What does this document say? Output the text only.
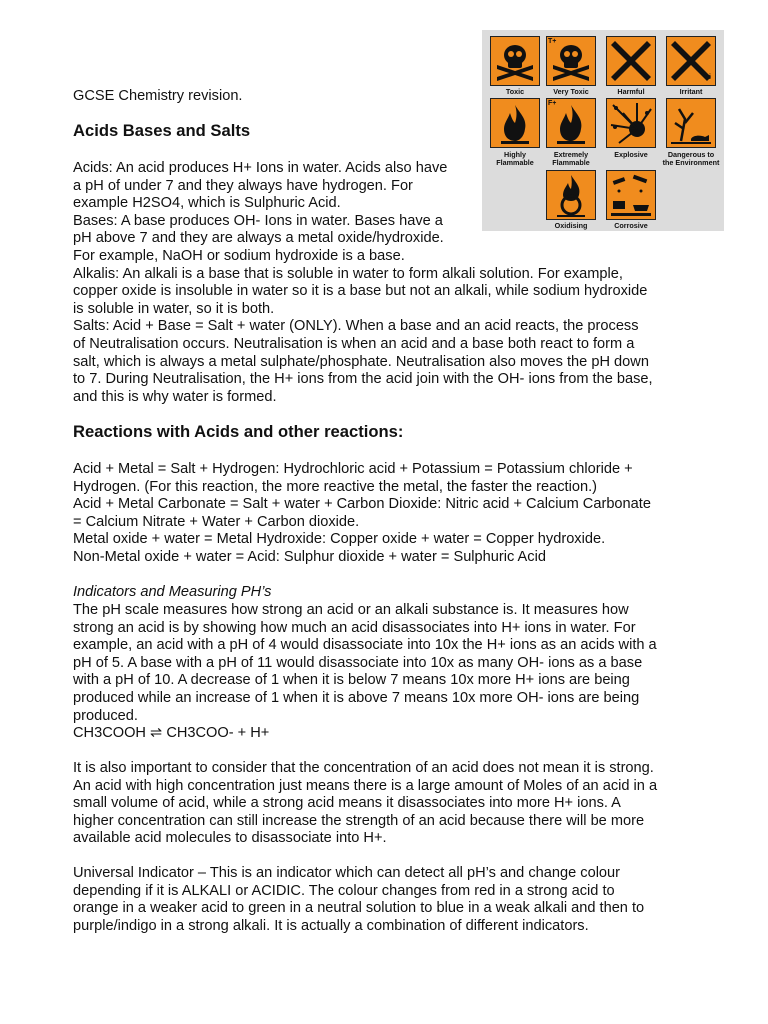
GCSE Chemistry revision.

Acids Bases and Salts

Acids: An acid produces H+ Ions in water. Acids also have

a pH of under 7 and they always have hydrogen. For

example H2SO4, which is Sulphuric Acid.

Bases: A base produces OH- Ions in water. Bases have a

pH above 7 and they are always a metal oxide/hydroxide.

For example, NaOH or sodium hydroxide is a base.

Alkalis: An alkali is a base that is soluble in water to form alkali solution. For example,

copper oxide is insoluble in water so it is a base but not an alkali, while sodium hydroxide

is soluble in water, so it is both.

Salts: Acid + Base = Salt + water (ONLY). When a base and an acid reacts, the process

of Neutralisation occurs. Neutralisation is when an acid and a base both react to form a

salt, which is always a metal sulphate/phosphate. Neutralisation also moves the pH down

to 7. During Neutralisation, the H+ ions from the acid join with the OH- ions from the base,

and this is why water is formed.

Reactions with Acids and other reactions:

Acid + Metal = Salt + Hydrogen: Hydrochloric acid + Potassium = Potassium chloride +

Hydrogen. (For this reaction, the more reactive the metal, the faster the reaction.)

Acid + Metal Carbonate = Salt + water + Carbon Dioxide: Nitric acid + Calcium Carbonate

= Calcium Nitrate + Water + Carbon dioxide.

Metal oxide + water = Metal Hydroxide: Copper oxide + water = Copper hydroxide.

Non-Metal oxide + water = Acid: Sulphur dioxide + water = Sulphuric Acid

Indicators and Measuring PH’s

The pH scale measures how strong an acid or an alkali substance is. It measures how

strong an acid is by showing how much an acid disassociates into H+ ions in water. For

example, an acid with a pH of 4 would disassociate into 10x the H+ ions as an acids with a

pH of 5. A base with a pH of 11 would disassociate into 10x as many OH- ions as a base

with a pH of 10. A decrease of 1 when it is below 7 means 10x more H+ ions are being

produced while an increase of 1 when it is above 7 means 10x more OH- ions are being

produced.

CH3COOH ⇌ CH3COO- + H+

It is also important to consider that the concentration of an acid does not mean it is strong.

An acid with high concentration just means there is a large amount of Moles of an acid in a

small volume of acid, while a strong acid means it disassociates into more H+ ions. A

higher concentration can still increase the strength of an acid because there will be more

available acid molecules to disassociate into H+.

Universal Indicator – This is an indicator which can detect all pH’s and change colour

depending if it is ALKALI or ACIDIC. The colour changes from red in a strong acid to

orange in a weaker acid to green in a neutral solution to blue in a weak alkali and then to

purple/indigo in a strong alkali. It is actually a combination of different indicators.

T+
i
Toxic	Very Toxic	Harmful	Irritant
F+
Highly
Flammable
Extremely
Flammable
Explosive	Dangerous to
the Environment
Oxidising	Corrosive
